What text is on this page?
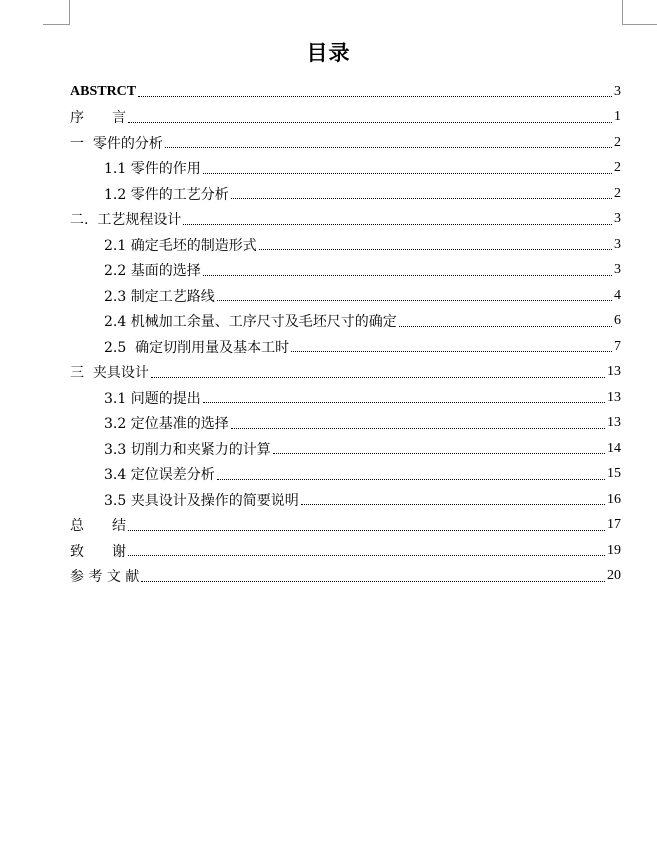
目录
ABSTRCT	3
序　　言	1
一  零件的分析	2
1.1 零件的作用	2
1.2 零件的工艺分析	2
二.  工艺规程设计	3
2.1 确定毛坯的制造形式	3
2.2 基面的选择	3
2.3 制定工艺路线	4
2.4 机械加工余量、工序尺寸及毛坯尺寸的确定	6
2.5  确定切削用量及基本工时	7
三  夹具设计	13
3.1 问题的提出	13
3.2 定位基准的选择	13
3.3 切削力和夹紧力的计算	14
3.4 定位误差分析	15
3.5 夹具设计及操作的简要说明	16
总　　结	17
致　　谢	19
参 考 文 献	20
